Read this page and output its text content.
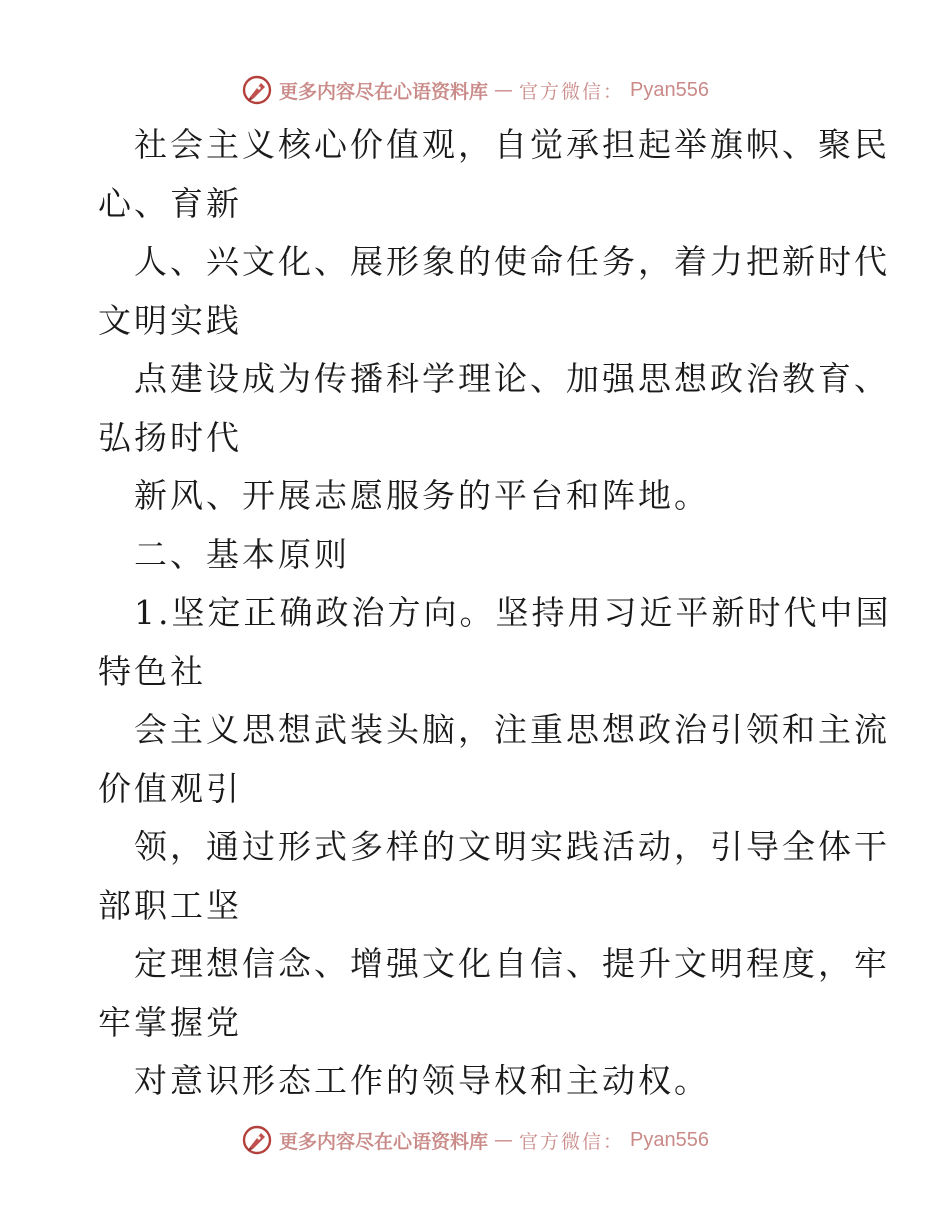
更多内容尽在心语资料库 — 官方微信： Pyan556
社会主义核心价值观，自觉承担起举旗帜、聚民
心、育新
人、兴文化、展形象的使命任务，着力把新时代
文明实践
点建设成为传播科学理论、加强思想政治教育、
弘扬时代
新风、开展志愿服务的平台和阵地。
二、基本原则
1.坚定正确政治方向。坚持用习近平新时代中国
特色社
会主义思想武装头脑，注重思想政治引领和主流
价值观引
领，通过形式多样的文明实践活动，引导全体干
部职工坚
定理想信念、增强文化自信、提升文明程度，牢
牢掌握党
对意识形态工作的领导权和主动权。
更多内容尽在心语资料库 — 官方微信： Pyan556
